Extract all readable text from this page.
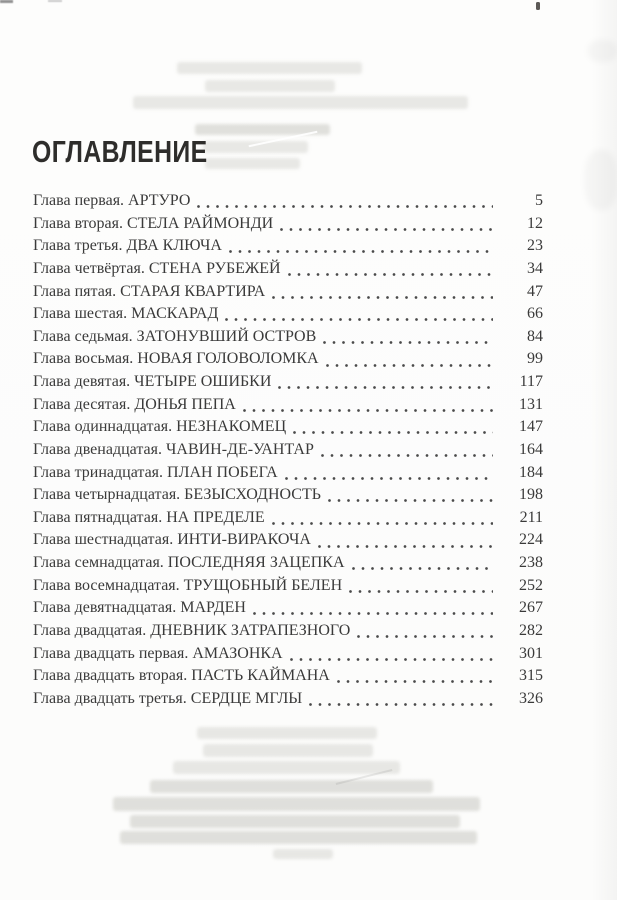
ОГЛАВЛЕНИЕ
Глава первая. АРТУРО	5
Глава вторая. СТЕЛА РАЙМОНДИ	12
Глава третья. ДВА КЛЮЧА	23
Глава четвёртая. СТЕНА РУБЕЖЕЙ	34
Глава пятая. СТАРАЯ КВАРТИРА	47
Глава шестая. МАСКАРАД	66
Глава седьмая. ЗАТОНУВШИЙ ОСТРОВ	84
Глава восьмая. НОВАЯ ГОЛОВОЛОМКА	99
Глава девятая. ЧЕТЫРЕ ОШИБКИ	117
Глава десятая. ДОНЬЯ ПЕПА	131
Глава одиннадцатая. НЕЗНАКОМЕЦ	147
Глава двенадцатая. ЧАВИН-ДЕ-УАНТАР	164
Глава тринадцатая. ПЛАН ПОБЕГА	184
Глава четырнадцатая. БЕЗЫСХОДНОСТЬ	198
Глава пятнадцатая. НА ПРЕДЕЛЕ	211
Глава шестнадцатая. ИНТИ-ВИРАКОЧА	224
Глава семнадцатая. ПОСЛЕДНЯЯ ЗАЦЕПКА	238
Глава восемнадцатая. ТРУЩОБНЫЙ БЕЛЕН	252
Глава девятнадцатая. МАРДЕН	267
Глава двадцатая. ДНЕВНИК ЗАТРАПЕЗНОГО	282
Глава двадцать первая. АМАЗОНКА	301
Глава двадцать вторая. ПАСТЬ КАЙМАНА	315
Глава двадцать третья. СЕРДЦЕ МГЛЫ	326
